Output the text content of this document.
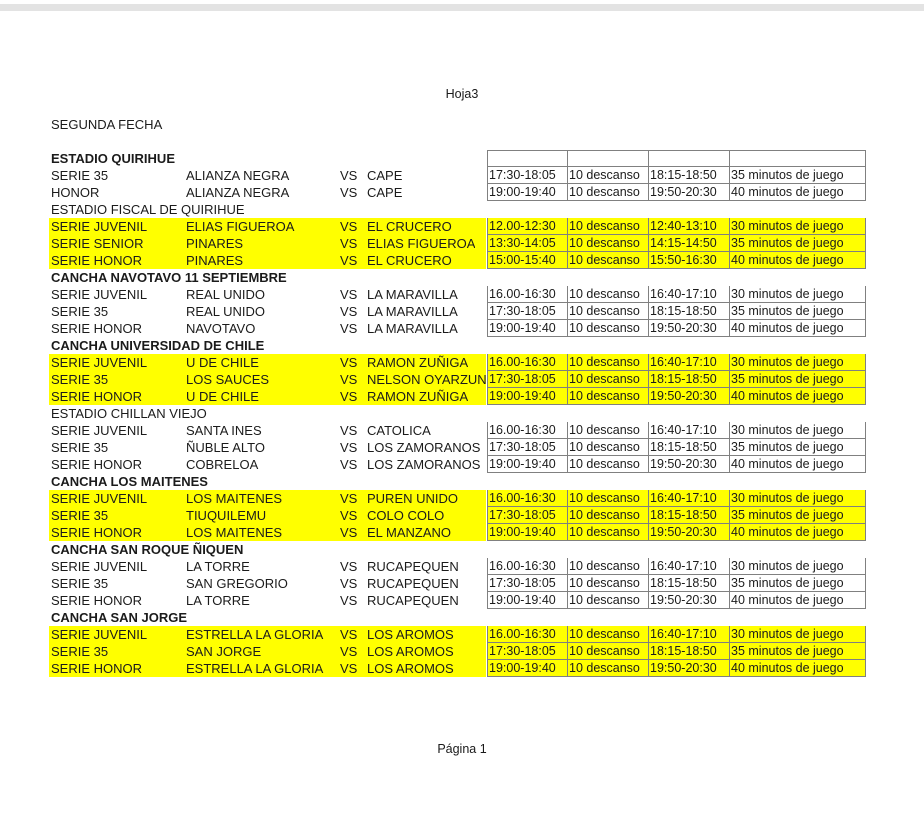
Hoja3
SEGUNDA FECHA
ESTADIO QUIRIHUE
SERIE 35	ALIANZA NEGRA	VS CAPE	17:30-18:05	10 descanso 18:15-18:50	35 minutos de juego
HONOR	ALIANZA NEGRA	VS CAPE	19:00-19:40	10 descanso 19:50-20:30	40 minutos de juego
ESTADIO FISCAL DE QUIRIHUE
SERIE JUVENIL	ELIAS FIGUEROA	VS EL CRUCERO	12.00-12:30	10 descanso 12:40-13:10	30 minutos de juego
SERIE SENIOR	PINARES	VS ELIAS FIGUEROA 13:30-14:05	10 descanso 14:15-14:50	35 minutos de juego
SERIE HONOR	PINARES	VS EL CRUCERO	15:00-15:40	10 descanso 15:50-16:30	40 minutos de juego
CANCHA NAVOTAVO 11 SEPTIEMBRE
SERIE JUVENIL	REAL UNIDO	VS LA MARAVILLA 16.00-16:30	10 descanso 16:40-17:10	30 minutos de juego
SERIE 35	REAL UNIDO	VS LA MARAVILLA 17:30-18:05	10 descanso 18:15-18:50	35 minutos de juego
SERIE HONOR	NAVOTAVO	VS LA MARAVILLA 19:00-19:40	10 descanso 19:50-20:30	40 minutos de juego
CANCHA UNIVERSIDAD DE CHILE
SERIE JUVENIL	U DE CHILE	VS RAMON ZUÑIGA 16.00-16:30	10 descanso 16:40-17:10	30 minutos de juego
SERIE 35	LOS SAUCES	VS NELSON OYARZUN 17:30-18:05	10 descanso 18:15-18:50	35 minutos de juego
SERIE HONOR	U DE CHILE	VS RAMON ZUÑIGA 19:00-19:40	10 descanso 19:50-20:30	40 minutos de juego
ESTADIO CHILLAN VIEJO
SERIE JUVENIL	SANTA INES	VS CATOLICA	16.00-16:30	10 descanso 16:40-17:10	30 minutos de juego
SERIE 35	ÑUBLE ALTO	VS LOS ZAMORANOS 17:30-18:05	10 descanso 18:15-18:50	35 minutos de juego
SERIE HONOR	COBRELOA	VS LOS ZAMORANOS 19:00-19:40	10 descanso 19:50-20:30	40 minutos de juego
CANCHA LOS MAITENES
SERIE JUVENIL	LOS MAITENES	VS PUREN UNIDO 16.00-16:30	10 descanso 16:40-17:10	30 minutos de juego
SERIE 35	TIUQUILEMU	VS COLO COLO	17:30-18:05	10 descanso 18:15-18:50	35 minutos de juego
SERIE HONOR	LOS MAITENES	VS EL MANZANO	19:00-19:40	10 descanso 19:50-20:30	40 minutos de juego
CANCHA SAN ROQUE ÑIQUEN
SERIE JUVENIL	LA TORRE	VS RUCAPEQUEN 16.00-16:30	10 descanso 16:40-17:10	30 minutos de juego
SERIE 35	SAN GREGORIO	VS RUCAPEQUEN 17:30-18:05	10 descanso 18:15-18:50	35 minutos de juego
SERIE HONOR	LA TORRE	VS RUCAPEQUEN 19:00-19:40	10 descanso 19:50-20:30	40 minutos de juego
CANCHA SAN JORGE
SERIE JUVENIL	ESTRELLA LA GLORIA VS LOS AROMOS	16.00-16:30	10 descanso 16:40-17:10	30 minutos de juego
SERIE 35	SAN JORGE	VS LOS AROMOS	17:30-18:05	10 descanso 18:15-18:50	35 minutos de juego
SERIE HONOR	ESTRELLA LA GLORIA VS LOS AROMOS	19:00-19:40	10 descanso 19:50-20:30	40 minutos de juego
Página 1
